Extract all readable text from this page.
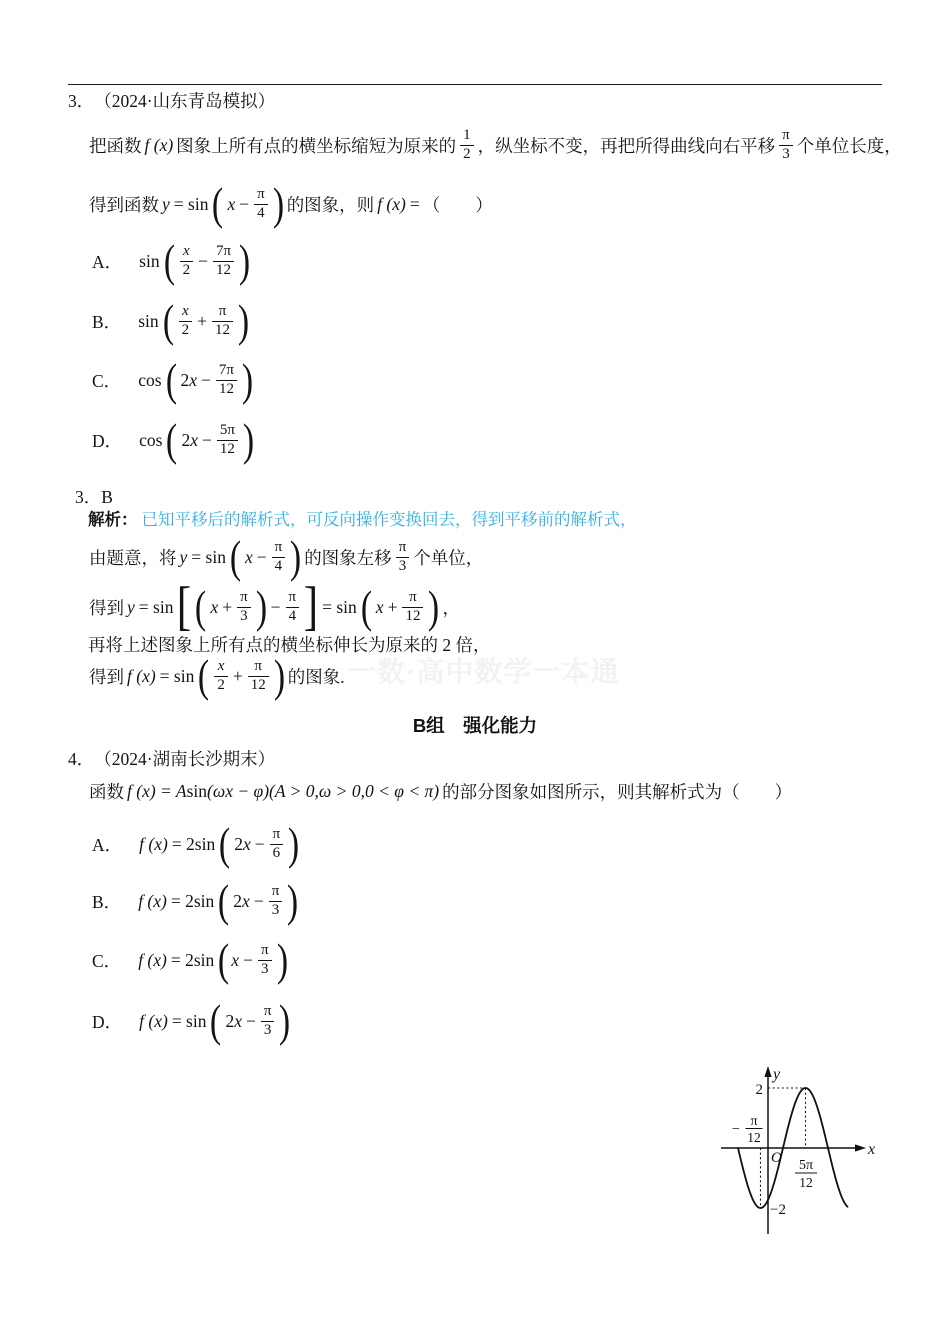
一数·高中数学一本通
3． （2024·山东青岛模拟）
把函数 f (x) 图象上所有点的横坐标缩短为原来的 $\frac{1}{2}$ ，纵坐标不变，再把所得曲线向右平移 $\frac{\pi}{3}$ 个单位长度，
得到函数 y = sin ( $x - \frac{\pi}{4}$ ) 的图象，则 f (x) = （　　）
A． sin ( $\frac{x}{2} - \frac{7\pi}{12}$ )
B． sin ( $\frac{x}{2} + \frac{\pi}{12}$ )
C． cos ( 2 $x - \frac{7\pi}{12}$ )
D． cos ( 2 $x - \frac{5\pi}{12}$ )
3．B
解析： 已知平移后的解析式，可反向操作变换回去，得到平移前的解析式，
由题意，将 y = sin ( $x - \frac{\pi}{4}$ ) 的图象左移 $\frac{\pi}{3}$ 个单位，
得到 y = sin [ ( $x + \frac{\pi}{3}$ ) − $\frac{\pi}{4}$ ] = sin ( $x + \frac{\pi}{12}$ ) ，
再将上述图象上所有点的横坐标伸长为原来的 2 倍，
得到 f (x) = sin ( $\frac{x}{2} + \frac{\pi}{12}$ ) 的图象.
B组　强化能力
4． （2024·湖南长沙期末）
函数 f (x) = A sin (ωx − φ)(A > 0,ω > 0,0 < φ < π) 的部分图象如图所示，则其解析式为（　　）
A． f (x) = 2sin ( 2 $x - \frac{\pi}{6}$ )
B． f (x) = 2sin ( 2 $x - \frac{\pi}{3}$ )
C． f (x) = 2sin ( $x - \frac{\pi}{3}$ )
D． f (x) = sin ( 2 $x - \frac{\pi}{3}$ )
y
x
O
2
−2
−
π
12
5π
12
